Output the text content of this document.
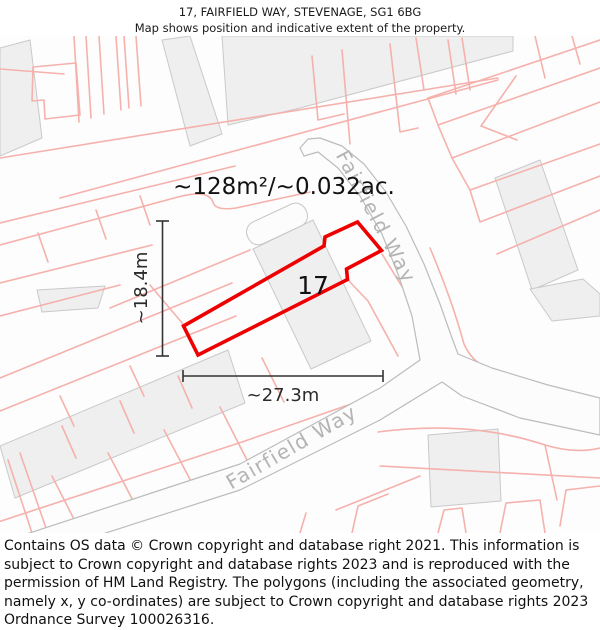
17, FAIRFIELD WAY, STEVENAGE, SG1 6BG
Map shows position and indicative extent of the property.
Fairfield Way
Fairfield Way
~128m²/~0.032ac.
17
~18.4m
~27.3m

Contains OS data © Crown copyright and database right 2021. This information is subject to Crown copyright and database rights 2023 and is reproduced with the permission of HM Land Registry. The polygons (including the associated geometry, namely x, y co-ordinates) are subject to Crown copyright and database rights 2023 Ordnance Survey 100026316.
